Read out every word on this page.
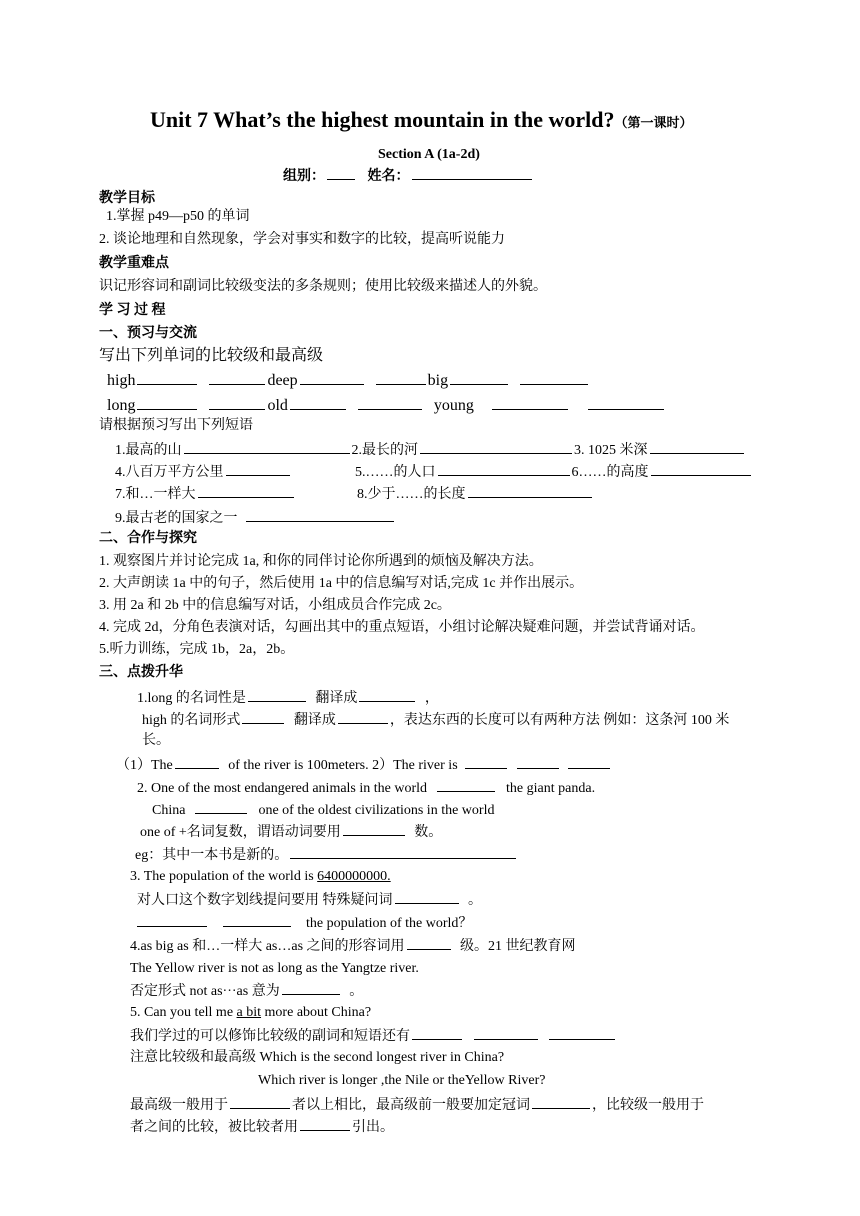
Unit 7 What’s the highest mountain in the world?（第一课时）
Section A (1a-2d)
组别：	姓名：
教学目标
1.掌握 p49—p50 的单词
2. 谈论地理和自然现象，学会对事实和数字的比较，提高听说能力
教学重难点
识记形容词和副词比较级变法的多条规则；使用比较级来描述人的外貌。
学 习 过 程
一、预习与交流
写出下列单词的比较级和最高级
high	deep	big
long	old	young
请根据预习写出下列短语
1.最高的山	2.最长的河	3. 1025 米深
4.八百万平方公里	5.……的人口	6……的高度
7.和…一样大	8.少于……的长度
9.最古老的国家之一
二、合作与探究
1. 观察图片并讨论完成 1a, 和你的同伴讨论你所遇到的烦恼及解决方法。
2. 大声朗读 1a 中的句子，然后使用 1a 中的信息编写对话,完成 1c 并作出展示。
3. 用 2a 和 2b 中的信息编写对话，小组成员合作完成 2c。
4. 完成 2d，分角色表演对话，勾画出其中的重点短语，小组讨论解决疑难问题，并尝试背诵对话。
5.听力训练，完成 1b，2a，2b。
三、点拨升华
1.long 的名词性是	翻译成	，
high 的名词形式	翻译成	，表达东西的长度可以有两种方法 例如：这条河 100 米
长。
（1）The	of the river is 100meters. 2）The river is
2. One of the most endangered animals in the world	the giant panda.
China	one of the oldest civilizations in the world
one of +名词复数，谓语动词要用	数。
eg：其中一本书是新的。
3. The population of the world is 6400000000.
对人口这个数字划线提问要用 特殊疑问词	。
the population of the world？
4.as big as 和…一样大 as…as 之间的形容词用	级。21 世纪教育网
The Yellow river is not as long as the Yangtze river.
否定形式 not as···as 意为	。
5. Can you tell me a bit more about China?
我们学过的可以修饰比较级的副词和短语还有
注意比较级和最高级 Which is the second longest river in China?
Which river is longer ,the Nile or theYellow River?
最高级一般用于	者以上相比，最高级前一般要加定冠词	，比较级一般用于
者之间的比较，被比较者用	引出。
